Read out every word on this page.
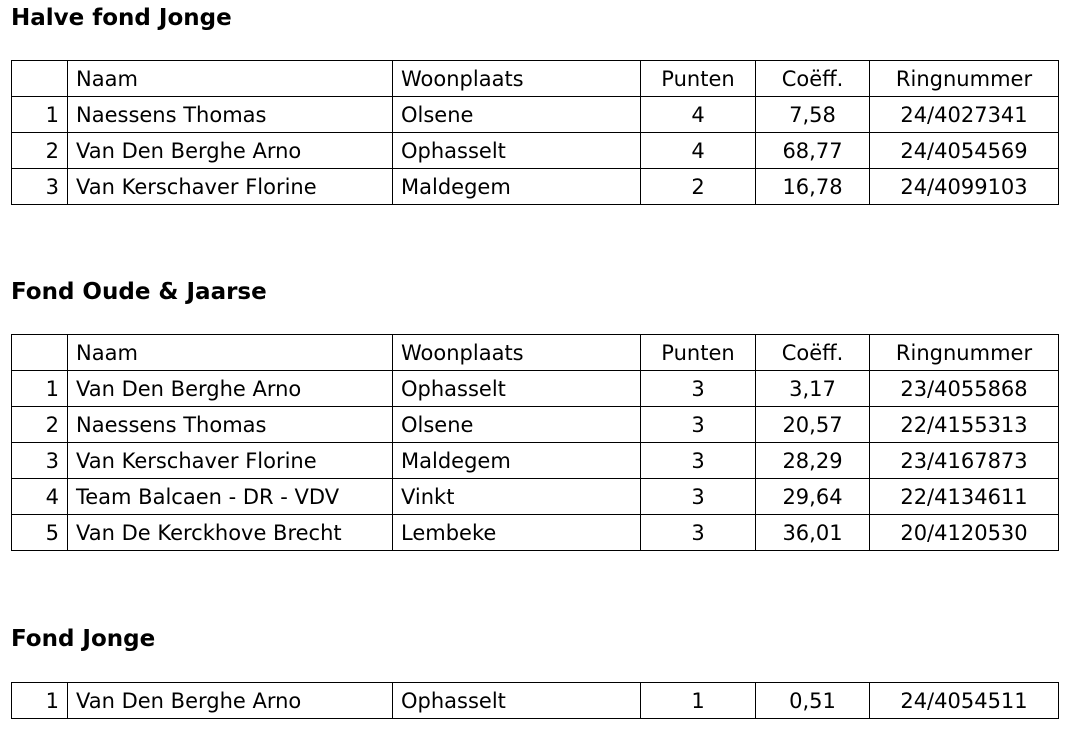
Halve fond Jonge
	Naam	Woonplaats	Punten	Coëff.	Ringnummer
1	Naessens Thomas	Olsene	4	7,58	24/4027341
2	Van Den Berghe Arno	Ophasselt	4	68,77	24/4054569
3	Van Kerschaver Florine	Maldegem	2	16,78	24/4099103
Fond Oude & Jaarse
	Naam	Woonplaats	Punten	Coëff.	Ringnummer
1	Van Den Berghe Arno	Ophasselt	3	3,17	23/4055868
2	Naessens Thomas	Olsene	3	20,57	22/4155313
3	Van Kerschaver Florine	Maldegem	3	28,29	23/4167873
4	Team Balcaen - DR - VDV	Vinkt	3	29,64	22/4134611
5	Van De Kerckhove Brecht	Lembeke	3	36,01	20/4120530
Fond Jonge
1	Van Den Berghe Arno	Ophasselt	1	0,51	24/4054511
